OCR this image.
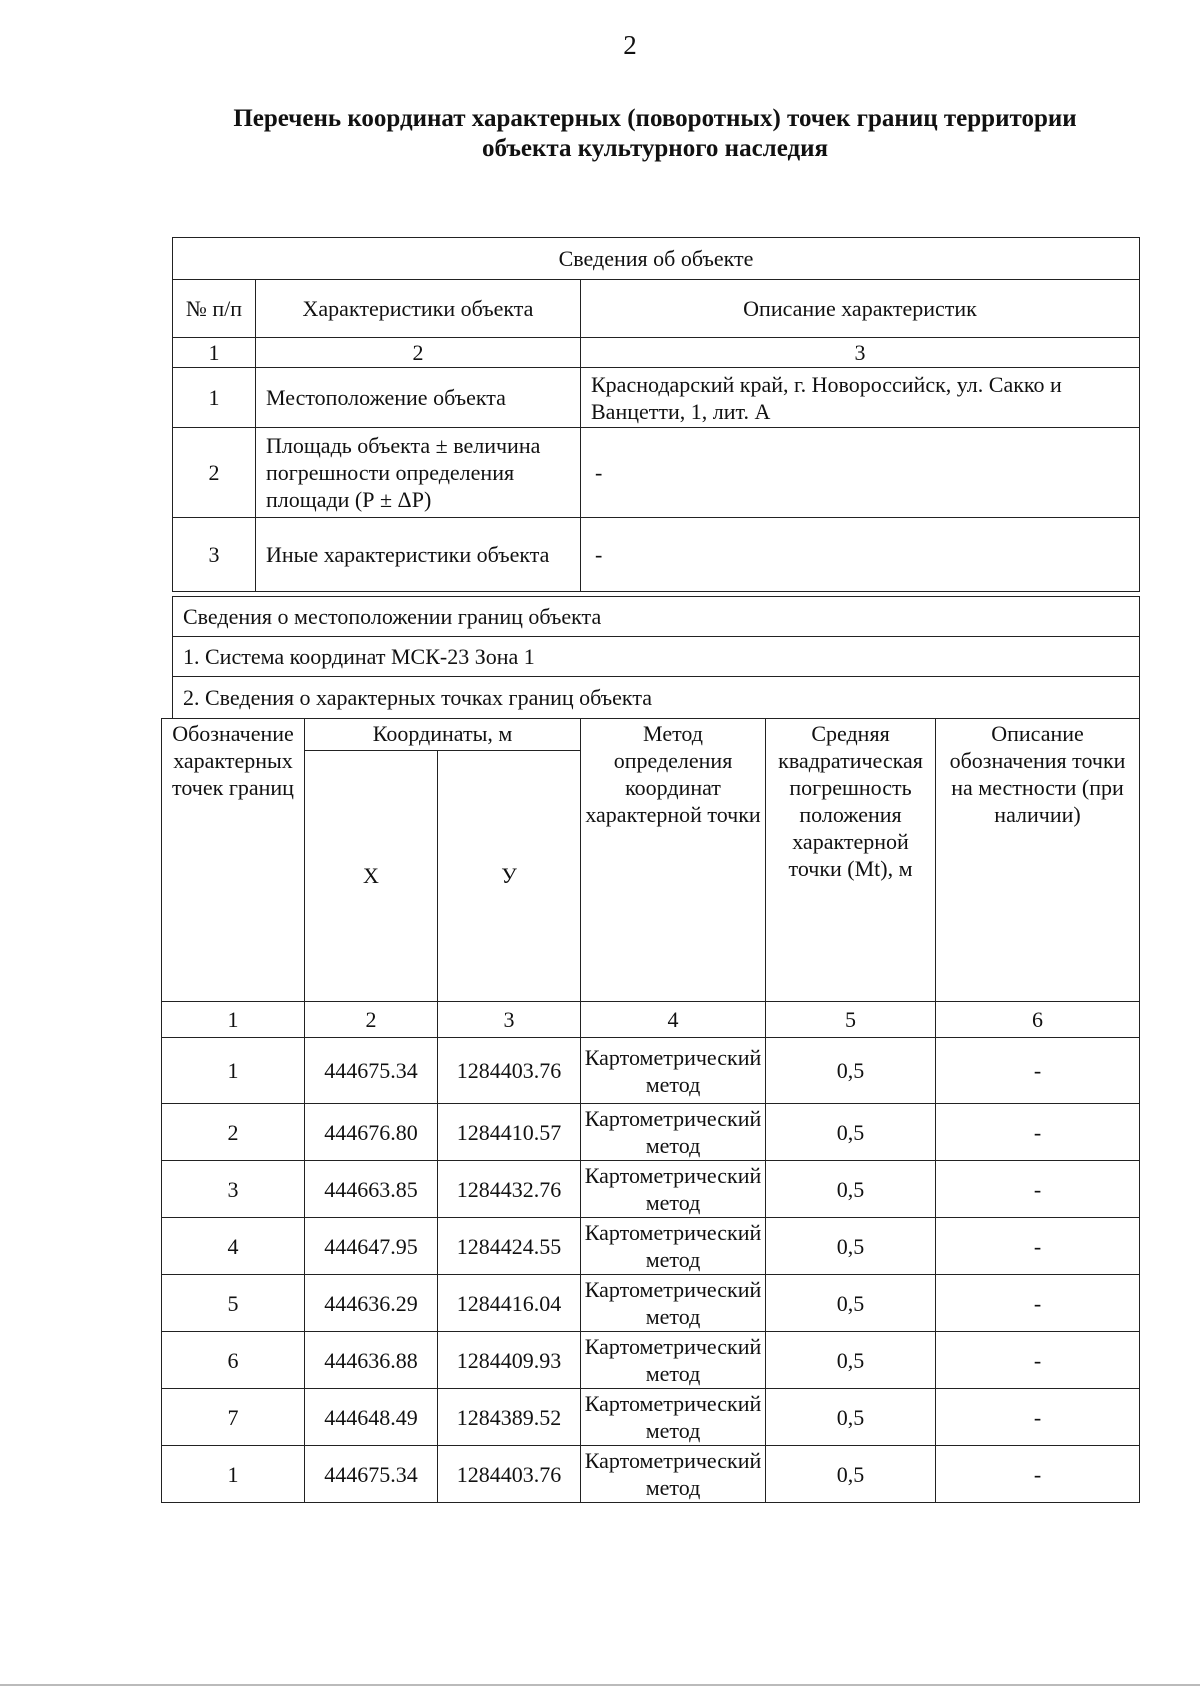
2
Перечень координат характерных (поворотных) точек границ территории
объекта культурного наследия
Сведения об объекте		
№ п/п	Характеристики объекта	Описание характеристик
1	2	3
1	Местоположение объекта	Краснодарский край, г. Новороссийск, ул. Сакко и Ванцетти, 1, лит. А
2	Площадь объекта ± величина погрешности определения площади (Р ± ΔР)	-
3	Иные характеристики объекта	-
Сведения о местоположении границ объекта
1. Система координат МСК-23 Зона 1
2. Сведения о характерных точках границ объекта
Обозначение характерных точек границ	Координаты, м		Метод определения координат характерной точки	Средняя квадратическая погрешность положения характерной точки (Mt), м	Описание обозначения точки на местности (при наличии)
	X	У			
1	2	3	4	5	6
1	444675.34	1284403.76	Картометрический метод	0,5	-
2	444676.80	1284410.57	Картометрический метод	0,5	-
3	444663.85	1284432.76	Картометрический метод	0,5	-
4	444647.95	1284424.55	Картометрический метод	0,5	-
5	444636.29	1284416.04	Картометрический метод	0,5	-
6	444636.88	1284409.93	Картометрический метод	0,5	-
7	444648.49	1284389.52	Картометрический метод	0,5	-
1	444675.34	1284403.76	Картометрический метод	0,5	-
